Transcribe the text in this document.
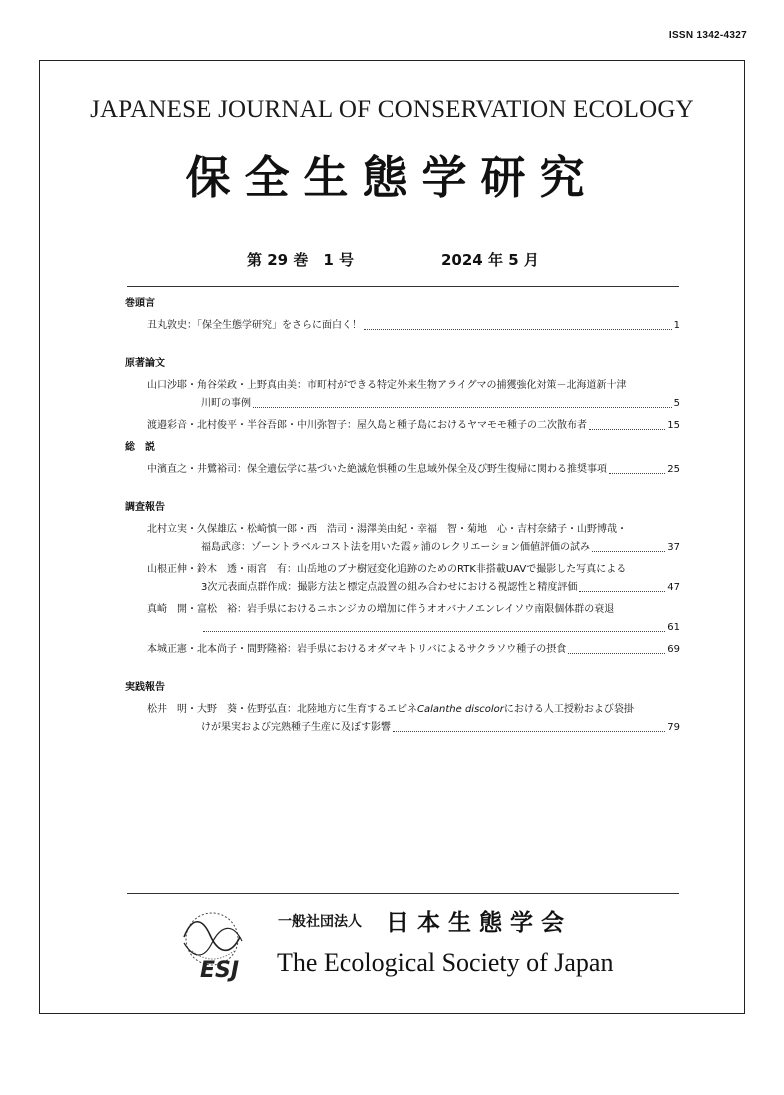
ISSN 1342-4327
JAPANESE JOURNAL OF CONSERVATION ECOLOGY
保全生態学研究
第 29 巻　1 号	2024 年 5 月
巻頭言
丑丸敦史：「保全生態学研究」をさらに面白く！	1
原著論文
山口沙耶・角谷栄政・上野真由美：市町村ができる特定外来生物アライグマの捕獲強化対策－北海道新十津
川町の事例	5
渡邉彩音・北村俊平・半谷吾郎・中川弥智子：屋久島と種子島におけるヤマモモ種子の二次散布者	15
総　説
中濱直之・井鷺裕司：保全遺伝学に基づいた絶滅危惧種の生息域外保全及び野生復帰に関わる推奨事項	25
調査報告
北村立実・久保雄広・松崎慎一郎・西　浩司・湯澤美由紀・幸福　智・菊地　心・吉村奈緒子・山野博哉・
福島武彦：ゾーントラベルコスト法を用いた霞ヶ浦のレクリエーション価値評価の試み	37
山根正伸・鈴木　透・雨宮　有：山岳地のブナ樹冠変化追跡のためのRTK非搭載UAVで撮影した写真による
3次元表面点群作成：撮影方法と標定点設置の組み合わせにおける視認性と精度評価	47
真崎　開・富松　裕：岩手県におけるニホンジカの増加に伴うオオバナノエンレイソウ南限個体群の衰退
61
本城正憲・北本尚子・間野隆裕：岩手県におけるオダマキトリバによるサクラソウ種子の摂食	69
実践報告
松井　明・大野　葵・佐野弘直：北陸地方に生育するエビネCalanthe discolorにおける人工授粉および袋掛
けが果実および完熟種子生産に及ぼす影響	79
ESJ
一般社団法人 日本生態学会
The Ecological Society of Japan
